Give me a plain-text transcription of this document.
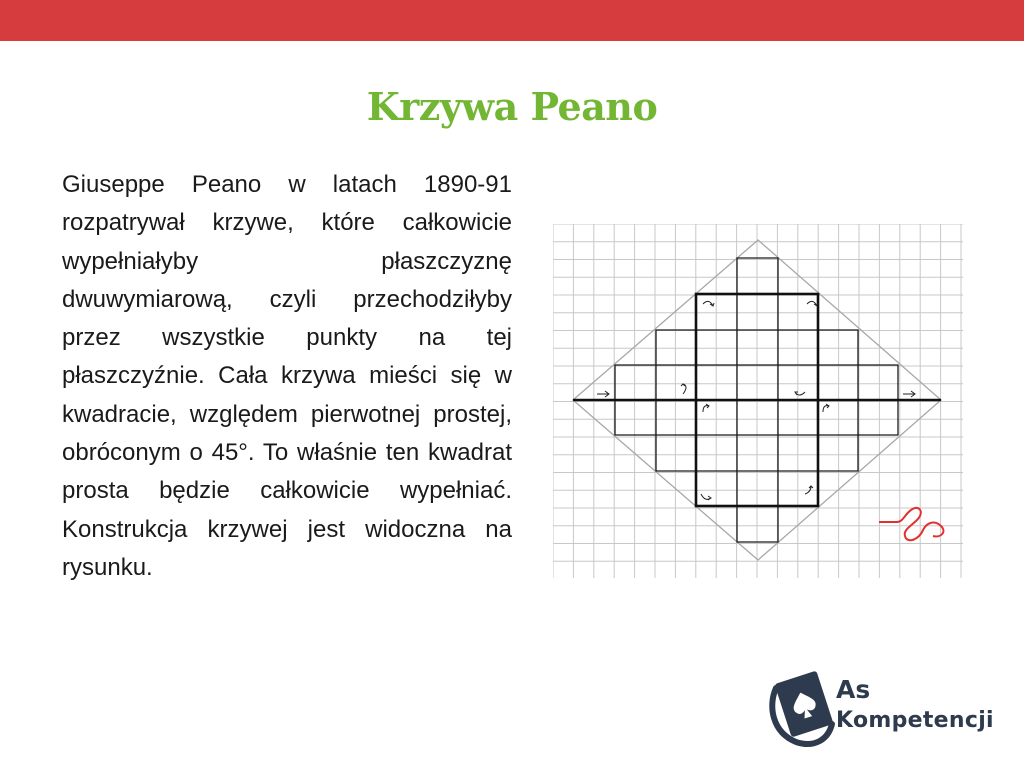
Krzywa Peano

Giuseppe Peano w latach 1890-91 rozpatrywał krzywe, które całkowicie wypełniałyby płaszczyznę dwuwymiarową, czyli przechodziłyby przez wszystkie punkty na tej płaszczyźnie. Cała krzywa mieści się w kwadracie, względem pierwotnej prostej, obróconym o 45°. To właśnie ten kwadrat prosta będzie całkowicie wypełniać. Konstrukcja krzywej jest widoczna na rysunku.

As
Kompetencji
